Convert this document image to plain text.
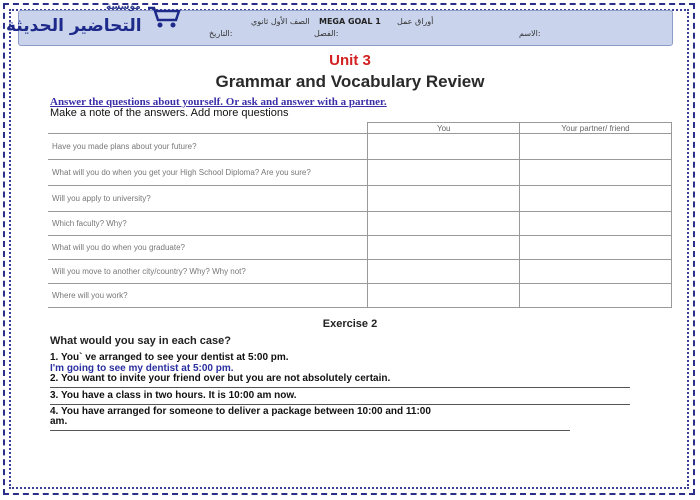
MEGA GOAL 1 أوراق عمل
الصف الأول ثانوي
الاسم:
الفصل:
التاريخ:
مؤسسة
التحاضير الحديثة
Unit 3
Grammar and Vocabulary Review
Answer the questions about yourself. Or ask and answer with a partner.
Make a note of the answers. Add more questions
	You	Your partner/ friend
Have you made plans about your future?		
What will you do when you get your High School Diploma? Are you sure?		
Will you apply to university?		
Which faculty? Why?		
What will you do when you graduate?		
Will you move to another city/country? Why? Why not?		
Where will you work?		
Exercise 2
What would you say in each case?
1. You` ve arranged to see your dentist at 5:00 pm.
I'm going to see my dentist at 5:00 pm.
2. You want to invite your friend over but you are not absolutely certain.
3. You have a class in two hours. It is 10:00 am now.
4. You have arranged for someone to deliver a package between 10:00 and 11:00
am.
